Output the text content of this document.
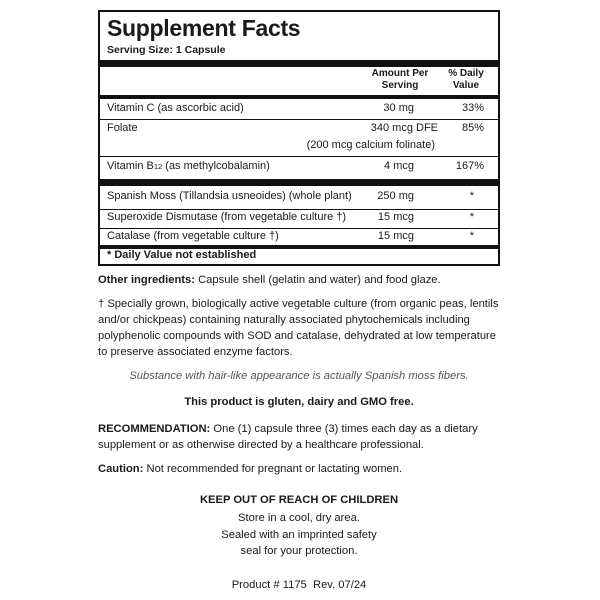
Supplement Facts
Serving Size: 1 Capsule
Amount Per
Serving
% Daily
Value
Vitamin C (as ascorbic acid)	30 mg	33%
Folate	340 mcg DFE 85%
(200 mcg calcium folinate)
Vitamin B12 (as methylcobalamin)	4 mcg	167%
Spanish Moss (Tillandsia usneoides) (whole plant) 250 mg	*
Superoxide Dismutase (from vegetable culture †)	15 mcg	*
Catalase (from vegetable culture †)	15 mcg	*
* Daily Value not established
Other ingredients: Capsule shell (gelatin and water) and food glaze.
† Specially grown, biologically active vegetable culture (from organic peas, lentils and/or chickpeas) containing naturally associated phytochemicals including polyphenolic compounds with SOD and catalase, dehydrated at low temperature to preserve associated enzyme factors.
Substance with hair-like appearance is actually Spanish moss fibers.
This product is gluten, dairy and GMO free.
RECOMMENDATION: One (1) capsule three (3) times each day as a dietary supplement or as otherwise directed by a healthcare professional.
Caution: Not recommended for pregnant or lactating women.
KEEP OUT OF REACH OF CHILDREN
Store in a cool, dry area.
Sealed with an imprinted safety
seal for your protection.
Product # 1175  Rev. 07/24
